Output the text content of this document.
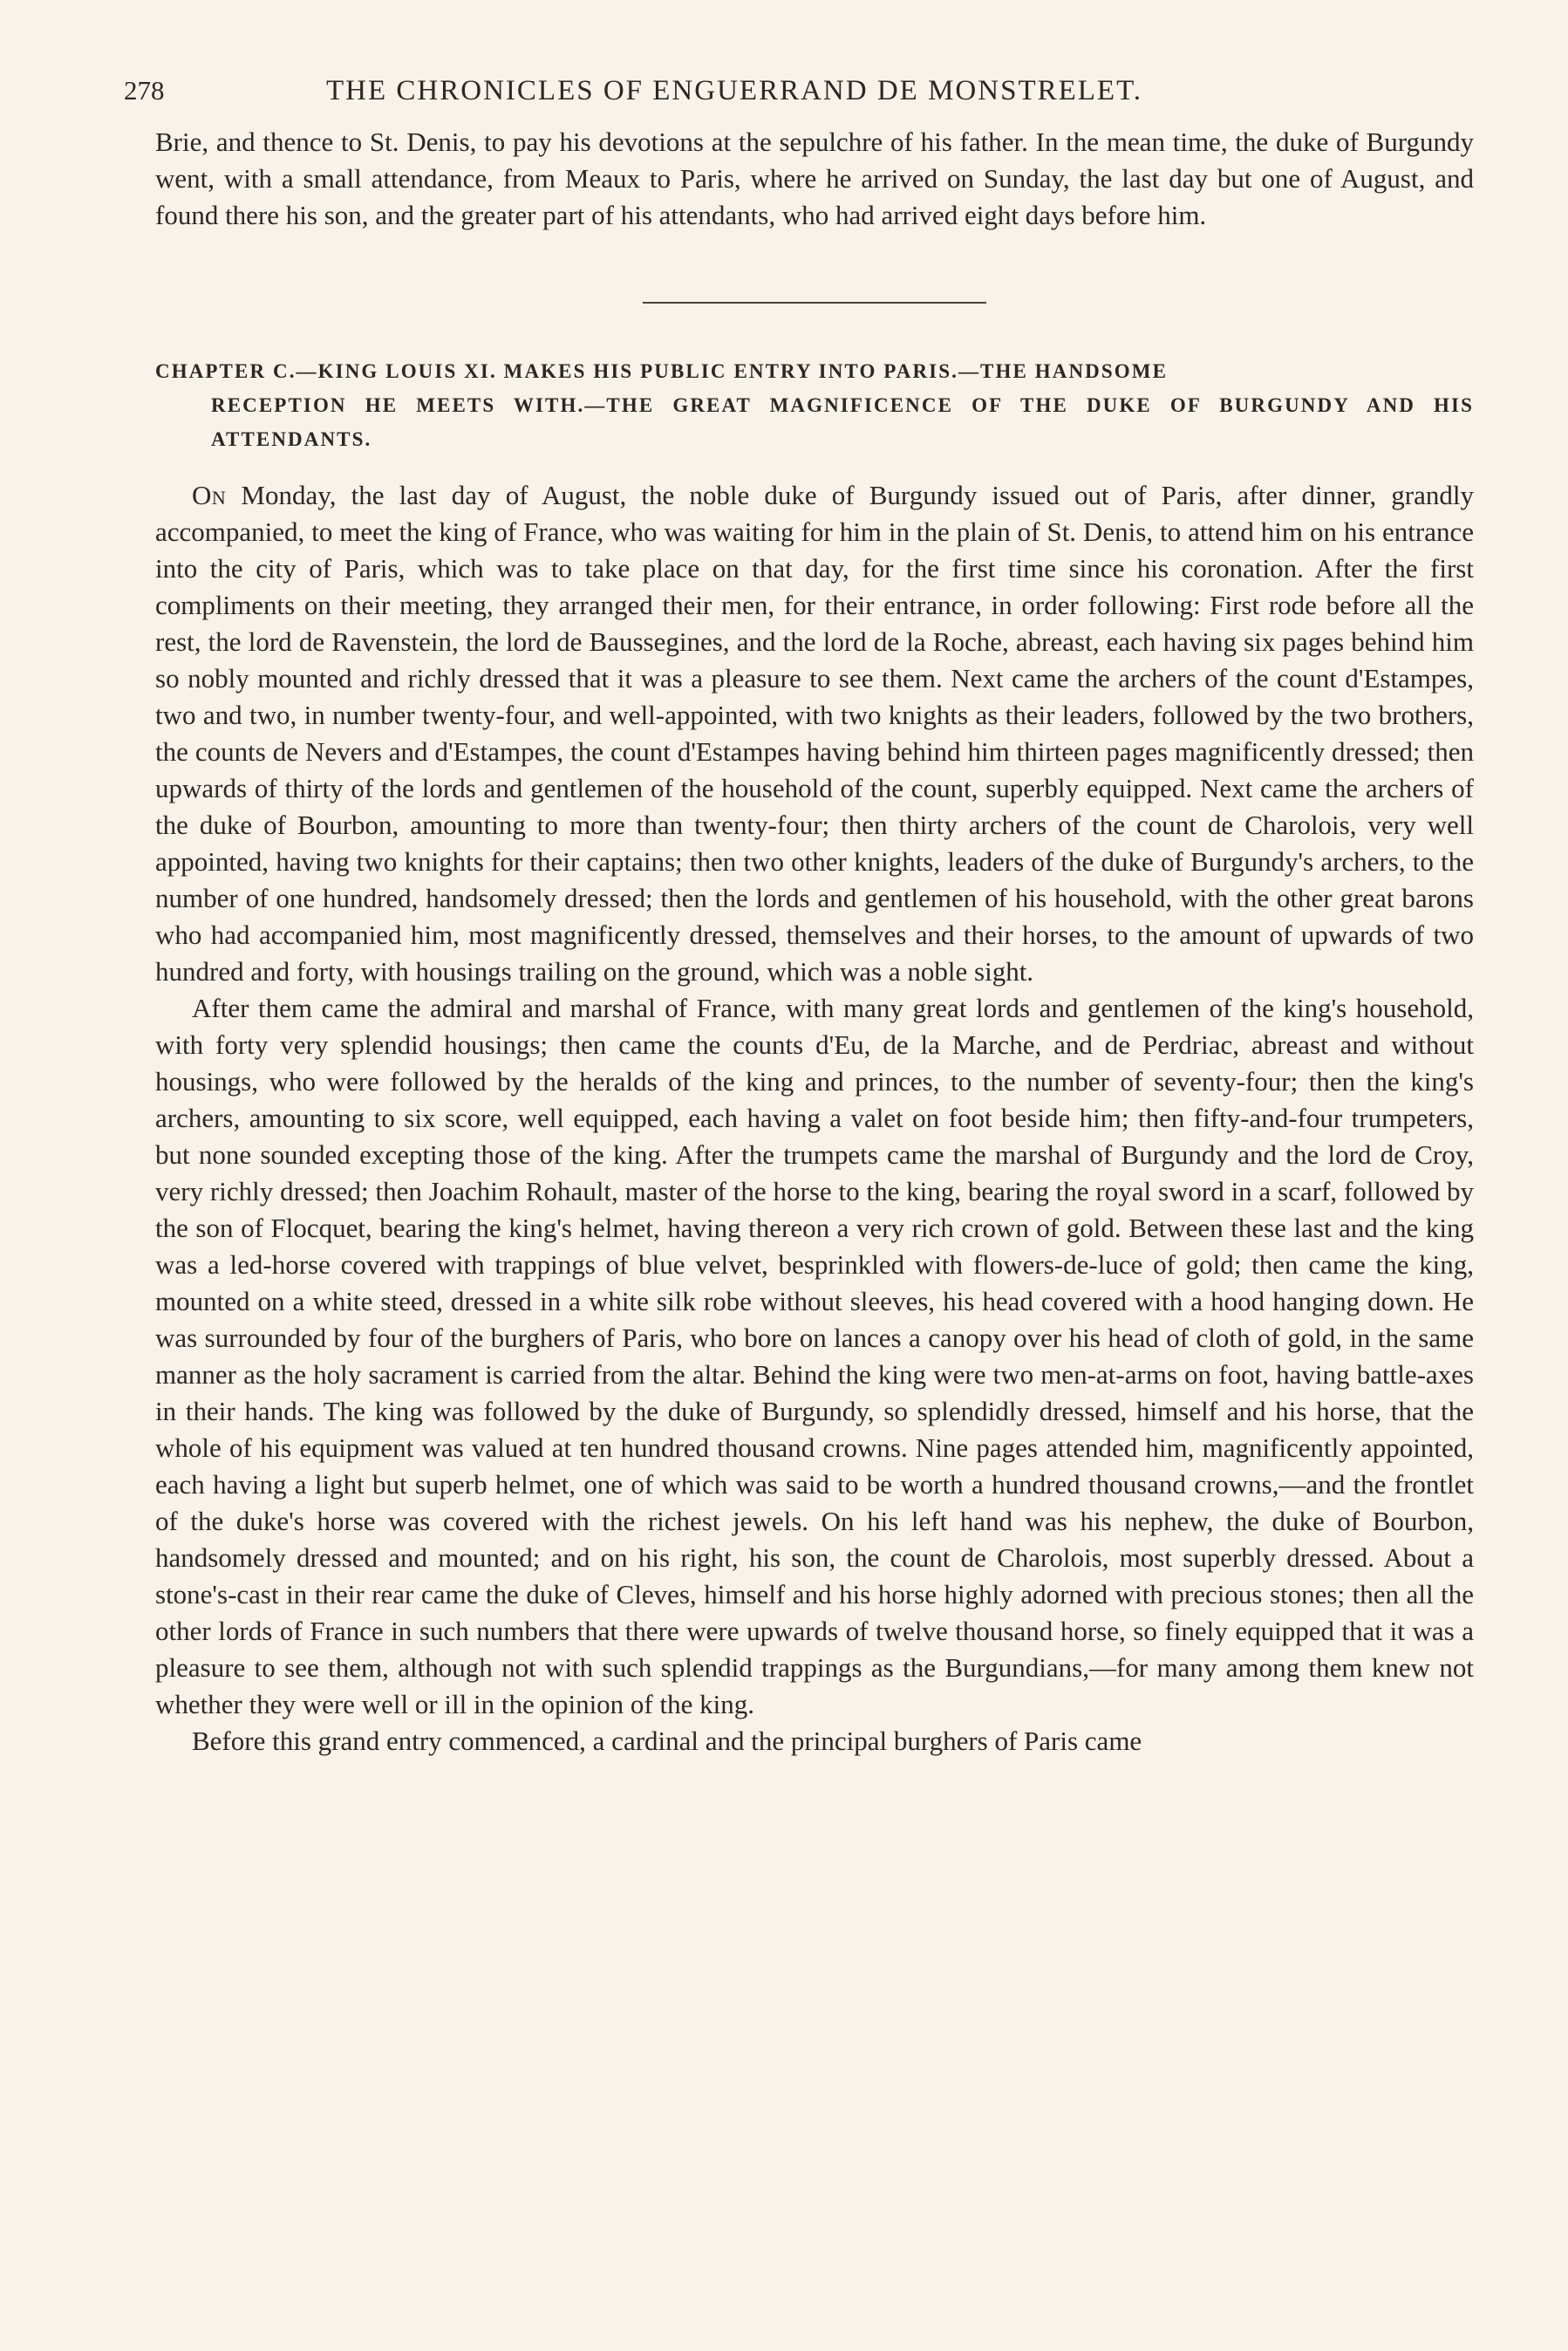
278	THE CHRONICLES OF ENGUERRAND DE MONSTRELET.

Brie, and thence to St. Denis, to pay his devotions at the sepulchre of his father. In the mean time, the duke of Burgundy went, with a small attendance, from Meaux to Paris, where he arrived on Sunday, the last day but one of August, and found there his son, and the greater part of his attendants, who had arrived eight days before him.

CHAPTER C.—KING LOUIS XI. MAKES HIS PUBLIC ENTRY INTO PARIS.—THE HANDSOME
RECEPTION HE MEETS WITH.—THE GREAT MAGNIFICENCE OF THE DUKE OF BURGUNDY AND HIS ATTENDANTS.

On Monday, the last day of August, the noble duke of Burgundy issued out of Paris, after dinner, grandly accompanied, to meet the king of France, who was waiting for him in the plain of St. Denis, to attend him on his entrance into the city of Paris, which was to take place on that day, for the first time since his coronation. After the first compliments on their meeting, they arranged their men, for their entrance, in order following: First rode before all the rest, the lord de Ravenstein, the lord de Baussegines, and the lord de la Roche, abreast, each having six pages behind him so nobly mounted and richly dressed that it was a pleasure to see them. Next came the archers of the count d'Estampes, two and two, in number twenty-four, and well-appointed, with two knights as their leaders, followed by the two brothers, the counts de Nevers and d'Estampes, the count d'Estampes having behind him thirteen pages magnificently dressed; then upwards of thirty of the lords and gentlemen of the household of the count, superbly equipped. Next came the archers of the duke of Bourbon, amounting to more than twenty-four; then thirty archers of the count de Charolois, very well appointed, having two knights for their captains; then two other knights, leaders of the duke of Burgundy's archers, to the number of one hundred, handsomely dressed; then the lords and gentlemen of his household, with the other great barons who had accompanied him, most magnificently dressed, themselves and their horses, to the amount of upwards of two hundred and forty, with housings trailing on the ground, which was a noble sight.

After them came the admiral and marshal of France, with many great lords and gentlemen of the king's household, with forty very splendid housings; then came the counts d'Eu, de la Marche, and de Perdriac, abreast and without housings, who were followed by the heralds of the king and princes, to the number of seventy-four; then the king's archers, amounting to six score, well equipped, each having a valet on foot beside him; then fifty-and-four trumpeters, but none sounded excepting those of the king. After the trumpets came the marshal of Burgundy and the lord de Croy, very richly dressed; then Joachim Rohault, master of the horse to the king, bearing the royal sword in a scarf, followed by the son of Flocquet, bearing the king's helmet, having thereon a very rich crown of gold. Between these last and the king was a led-horse covered with trappings of blue velvet, besprinkled with flowers-de-luce of gold; then came the king, mounted on a white steed, dressed in a white silk robe without sleeves, his head covered with a hood hanging down. He was surrounded by four of the burghers of Paris, who bore on lances a canopy over his head of cloth of gold, in the same manner as the holy sacrament is carried from the altar. Behind the king were two men-at-arms on foot, having battle-axes in their hands. The king was followed by the duke of Burgundy, so splendidly dressed, himself and his horse, that the whole of his equipment was valued at ten hundred thousand crowns. Nine pages attended him, magnificently appointed, each having a light but superb helmet, one of which was said to be worth a hundred thousand crowns,—and the frontlet of the duke's horse was covered with the richest jewels. On his left hand was his nephew, the duke of Bourbon, handsomely dressed and mounted; and on his right, his son, the count de Charolois, most superbly dressed. About a stone's-cast in their rear came the duke of Cleves, himself and his horse highly adorned with precious stones; then all the other lords of France in such numbers that there were upwards of twelve thousand horse, so finely equipped that it was a pleasure to see them, although not with such splendid trappings as the Burgundians,—for many among them knew not whether they were well or ill in the opinion of the king.

Before this grand entry commenced, a cardinal and the principal burghers of Paris came
